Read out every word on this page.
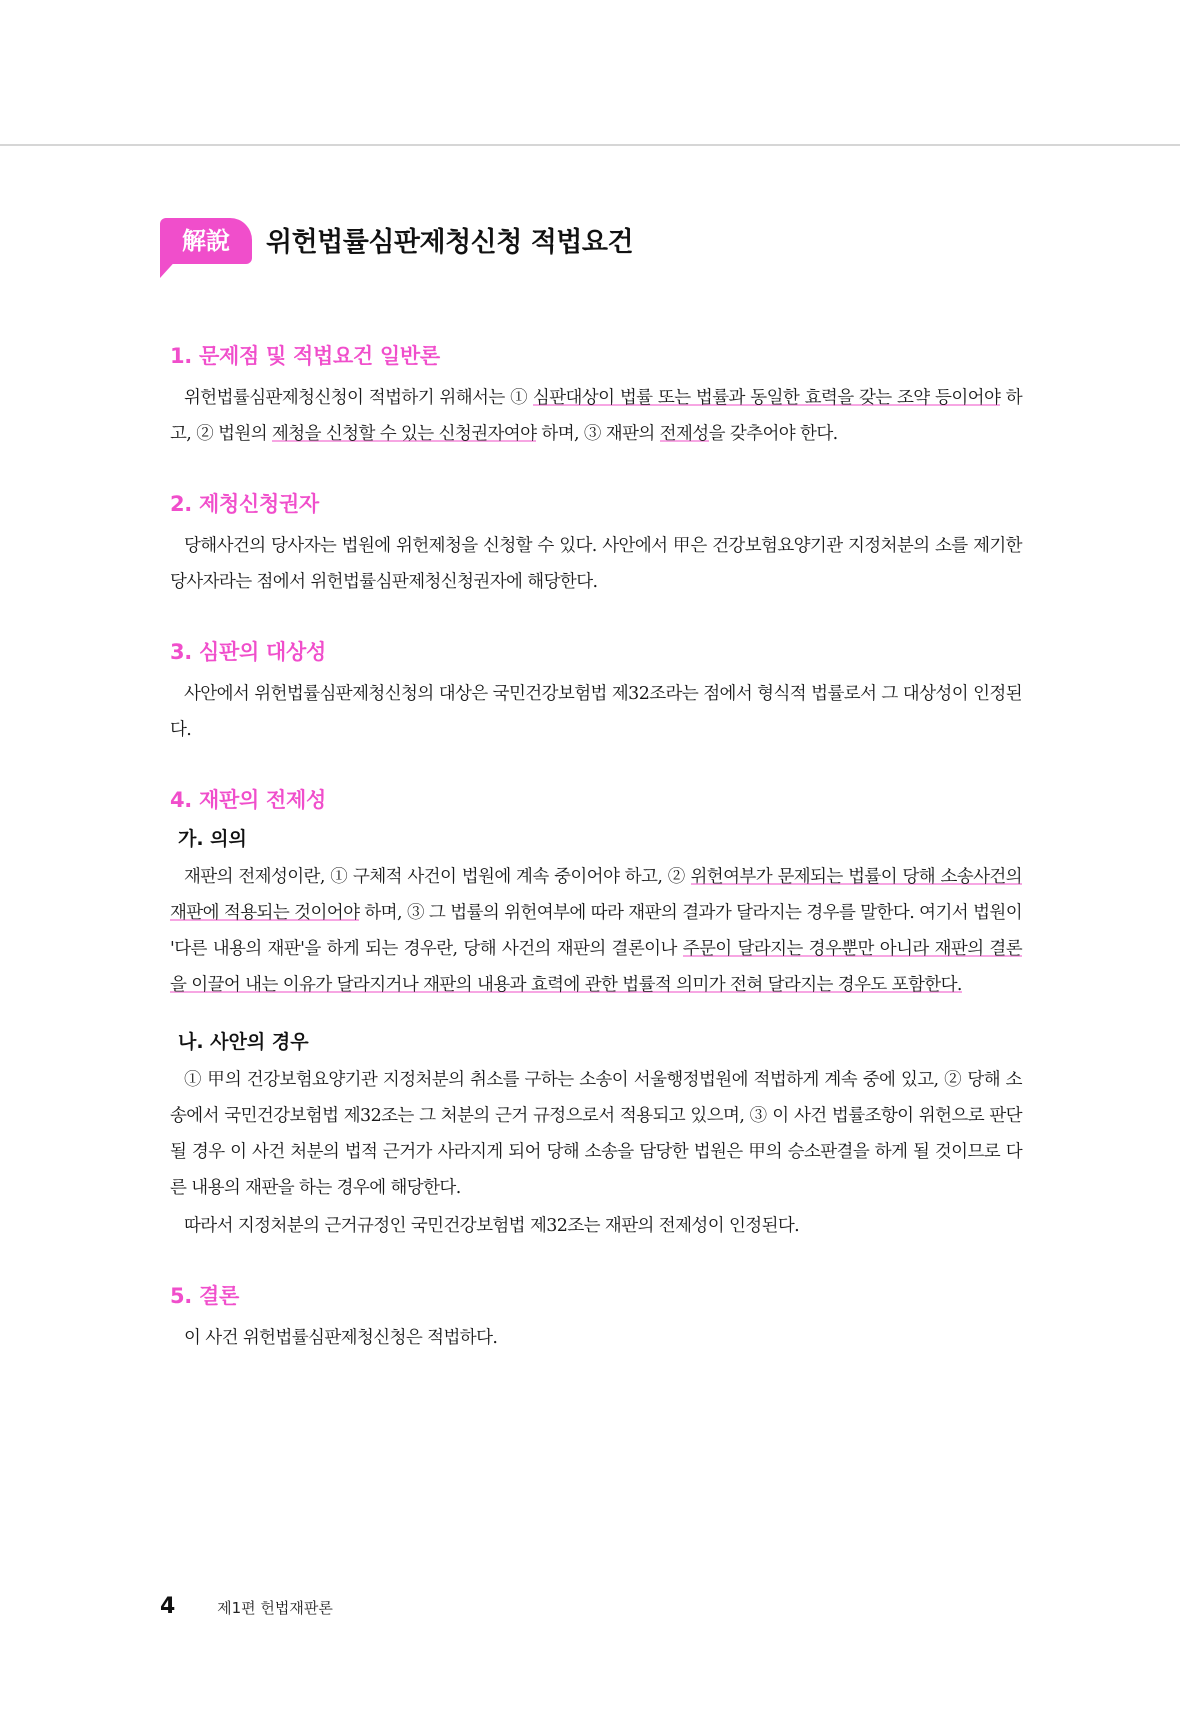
解說	위헌법률심판제청신청 적법요건
1. 문제점 및 적법요건 일반론

위헌법률심판제청신청이 적법하기 위해서는 ① 심판대상이 법률 또는 법률과 동일한 효력을 갖는 조약 등이어야 하고, ② 법원의 제청을 신청할 수 있는 신청권자여야 하며, ③ 재판의 전제성을 갖추어야 한다.

2. 제청신청권자

당해사건의 당사자는 법원에 위헌제청을 신청할 수 있다. 사안에서 甲은 건강보험요양기관 지정처분의 소를 제기한 당사자라는 점에서 위헌법률심판제청신청권자에 해당한다.

3. 심판의 대상성

사안에서 위헌법률심판제청신청의 대상은 국민건강보험법 제32조라는 점에서 형식적 법률로서 그 대상성이 인정된다.

4. 재판의 전제성
가. 의의

재판의 전제성이란, ① 구체적 사건이 법원에 계속 중이어야 하고, ② 위헌여부가 문제되는 법률이 당해 소송사건의 재판에 적용되는 것이어야 하며, ③ 그 법률의 위헌여부에 따라 재판의 결과가 달라지는 경우를 말한다. 여기서 법원이 '다른 내용의 재판'을 하게 되는 경우란, 당해 사건의 재판의 결론이나 주문이 달라지는 경우뿐만 아니라 재판의 결론을 이끌어 내는 이유가 달라지거나 재판의 내용과 효력에 관한 법률적 의미가 전혀 달라지는 경우도 포함한다.

나. 사안의 경우

① 甲의 건강보험요양기관 지정처분의 취소를 구하는 소송이 서울행정법원에 적법하게 계속 중에 있고, ② 당해 소송에서 국민건강보험법 제32조는 그 처분의 근거 규정으로서 적용되고 있으며, ③ 이 사건 법률조항이 위헌으로 판단될 경우 이 사건 처분의 법적 근거가 사라지게 되어 당해 소송을 담당한 법원은 甲의 승소판결을 하게 될 것이므로 다른 내용의 재판을 하는 경우에 해당한다.

따라서 지정처분의 근거규정인 국민건강보험법 제32조는 재판의 전제성이 인정된다.

5. 결론

이 사건 위헌법률심판제청신청은 적법하다.

4	제1편 헌법재판론
